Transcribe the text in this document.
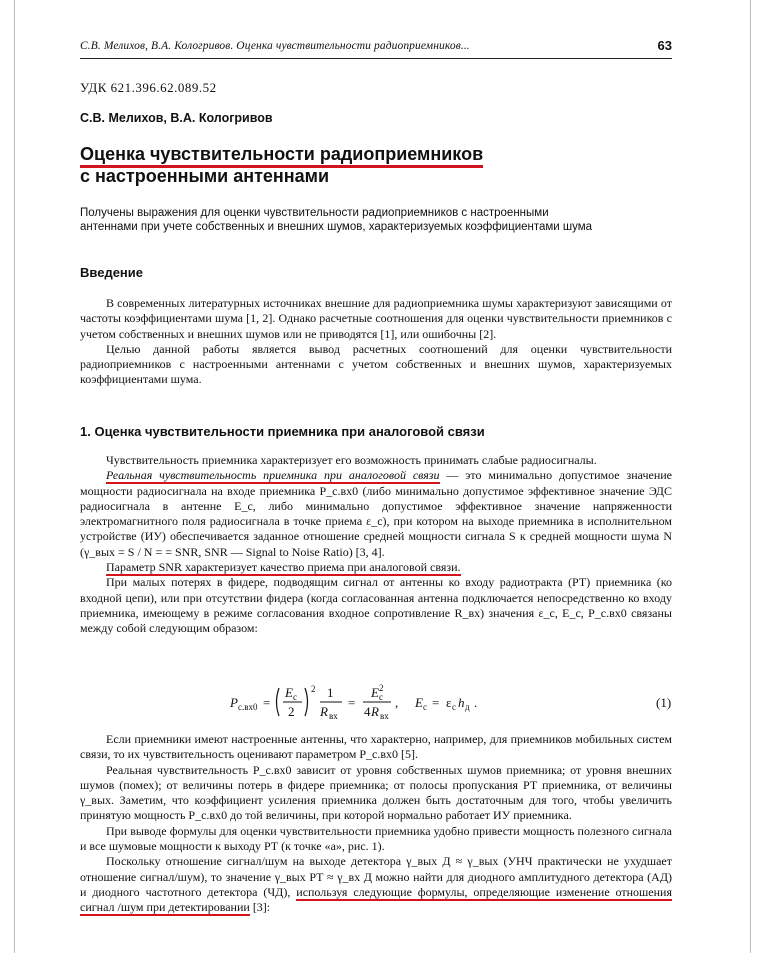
С.В. Мелихов, В.А. Кологривов. Оценка чувствительности радиоприемников...	63
УДК 621.396.62.089.52
С.В. Мелихов, В.А. Кологривов
Оценка чувствительности радиоприемников
с настроенными антеннами
Получены выражения для оценки чувствительности радиоприемников с настроенными антеннами при учете собственных и внешних шумов, характеризуемых коэффициентами шума
Введение

В современных литературных источниках внешние для радиоприемника шумы характеризуют зависящими от частоты коэффициентами шума [1, 2]. Однако расчетные соотношения для оценки чувствительности приемников с учетом собственных и внешних шумов или не приводятся [1], или ошибочны [2].

Целью данной работы является вывод расчетных соотношений для оценки чувствительности радиоприемников с настроенными антеннами с учетом собственных и внешних шумов, характеризуемых коэффициентами шума.

1. Оценка чувствительности приемника при аналоговой связи

Чувствительность приемника характеризует его возможность принимать слабые радиосигналы.

Реальная чувствительность приемника при аналоговой связи — это минимально допустимое значение мощности радиосигнала на входе приемника P_с.вх0 (либо минимально допустимое эффективное значение ЭДС радиосигнала в антенне E_с, либо минимально допустимое эффективное значение напряженности электромагнитного поля радиосигнала в точке приема ε_с), при котором на выходе приемника в исполнительном устройстве (ИУ) обеспечивается заданное отношение средней мощности сигнала S к средней мощности шума N (γ_вых = S / N = = SNR, SNR — Signal to Noise Ratio) [3, 4].

Параметр SNR характеризует качество приема при аналоговой связи.

При малых потерях в фидере, подводящим сигнал от антенны ко входу радиотракта (РТ) приемника (ко входной цепи), или при отсутствии фидера (когда согласованная антенна подключается непосредственно ко входу приемника, имеющему в режиме согласования входное сопротивление R_вх) значения ε_с, E_с, P_с.вх0 связаны между собой следующим образом:

P с.вх0 =
E с
2
2 1
R вх
=
E 2
с
4 R вх
, E с = ε с h д .	(1)

Если приемники имеют настроенные антенны, что характерно, например, для приемников мобильных систем связи, то их чувствительность оценивают параметром P_с.вх0 [5].

Реальная чувствительность P_с.вх0 зависит от уровня собственных шумов приемника; от уровня внешних шумов (помех); от величины потерь в фидере приемника; от полосы пропускания РТ приемника, от величины γ_вых. Заметим, что коэффициент усиления приемника должен быть достаточным для того, чтобы увеличить принятую мощность P_с.вх0 до той величины, при которой нормально работает ИУ приемника.

При выводе формулы для оценки чувствительности приемника удобно привести мощность полезного сигнала и все шумовые мощности к выходу РТ (к точке «а», рис. 1).

Поскольку отношение сигнал/шум на выходе детектора γ_вых Д ≈ γ_вых (УНЧ практически не ухудшает отношение сигнал/шум), то значение γ_вых РТ ≈ γ_вх Д можно найти для диодного амплитудного детектора (АД) и диодного частотного детектора (ЧД), используя следующие формулы, определяющие изменение отношения сигнал /шум при детектировании [3]:
